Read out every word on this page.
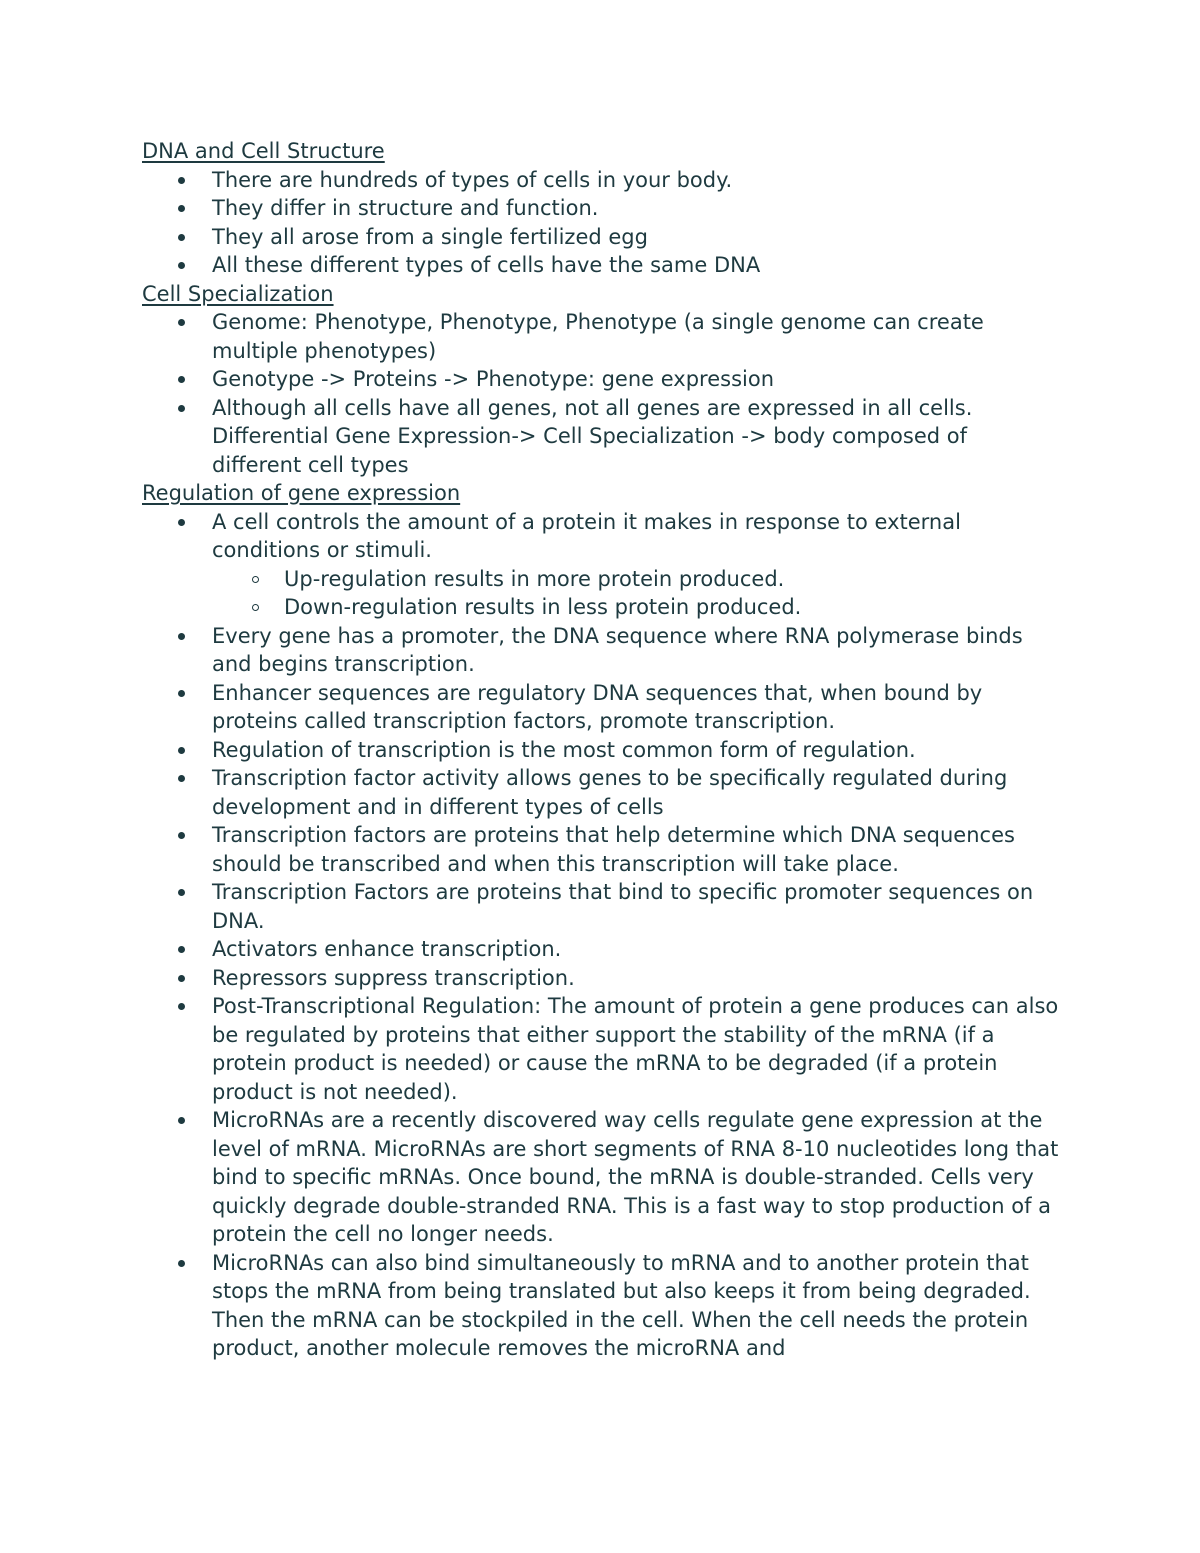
DNA and Cell Structure
There are hundreds of types of cells in your body.
They differ in structure and function.
They all arose from a single fertilized egg
All these different types of cells have the same DNA
Cell Specialization
Genome: Phenotype, Phenotype, Phenotype (a single genome can create multiple phenotypes)
Genotype -> Proteins -> Phenotype: gene expression
Although all cells have all genes, not all genes are expressed in all cells. Differential Gene Expression-> Cell Specialization -> body composed of different cell types
Regulation of gene expression
A cell controls the amount of a protein it makes in response to external conditions or stimuli.
Up-regulation results in more protein produced.
Down-regulation results in less protein produced.
Every gene has a promoter, the DNA sequence where RNA polymerase binds and begins transcription.
Enhancer sequences are regulatory DNA sequences that, when bound by proteins called transcription factors, promote transcription.
Regulation of transcription is the most common form of regulation.
Transcription factor activity allows genes to be specifically regulated during development and in different types of cells
Transcription factors are proteins that help determine which DNA sequences should be transcribed and when this transcription will take place.
Transcription Factors are proteins that bind to specific promoter sequences on DNA.
Activators enhance transcription.
Repressors suppress transcription.
Post-Transcriptional Regulation: The amount of protein a gene produces can also be regulated by proteins that either support the stability of the mRNA (if a protein product is needed) or cause the mRNA to be degraded (if a protein product is not needed).
MicroRNAs are a recently discovered way cells regulate gene expression at the level of mRNA. MicroRNAs are short segments of RNA 8-10 nucleotides long that bind to specific mRNAs. Once bound, the mRNA is double-stranded. Cells very quickly degrade double-stranded RNA. This is a fast way to stop production of a protein the cell no longer needs.
MicroRNAs can also bind simultaneously to mRNA and to another protein that stops the mRNA from being translated but also keeps it from being degraded. Then the mRNA can be stockpiled in the cell. When the cell needs the protein product, another molecule removes the microRNA and
